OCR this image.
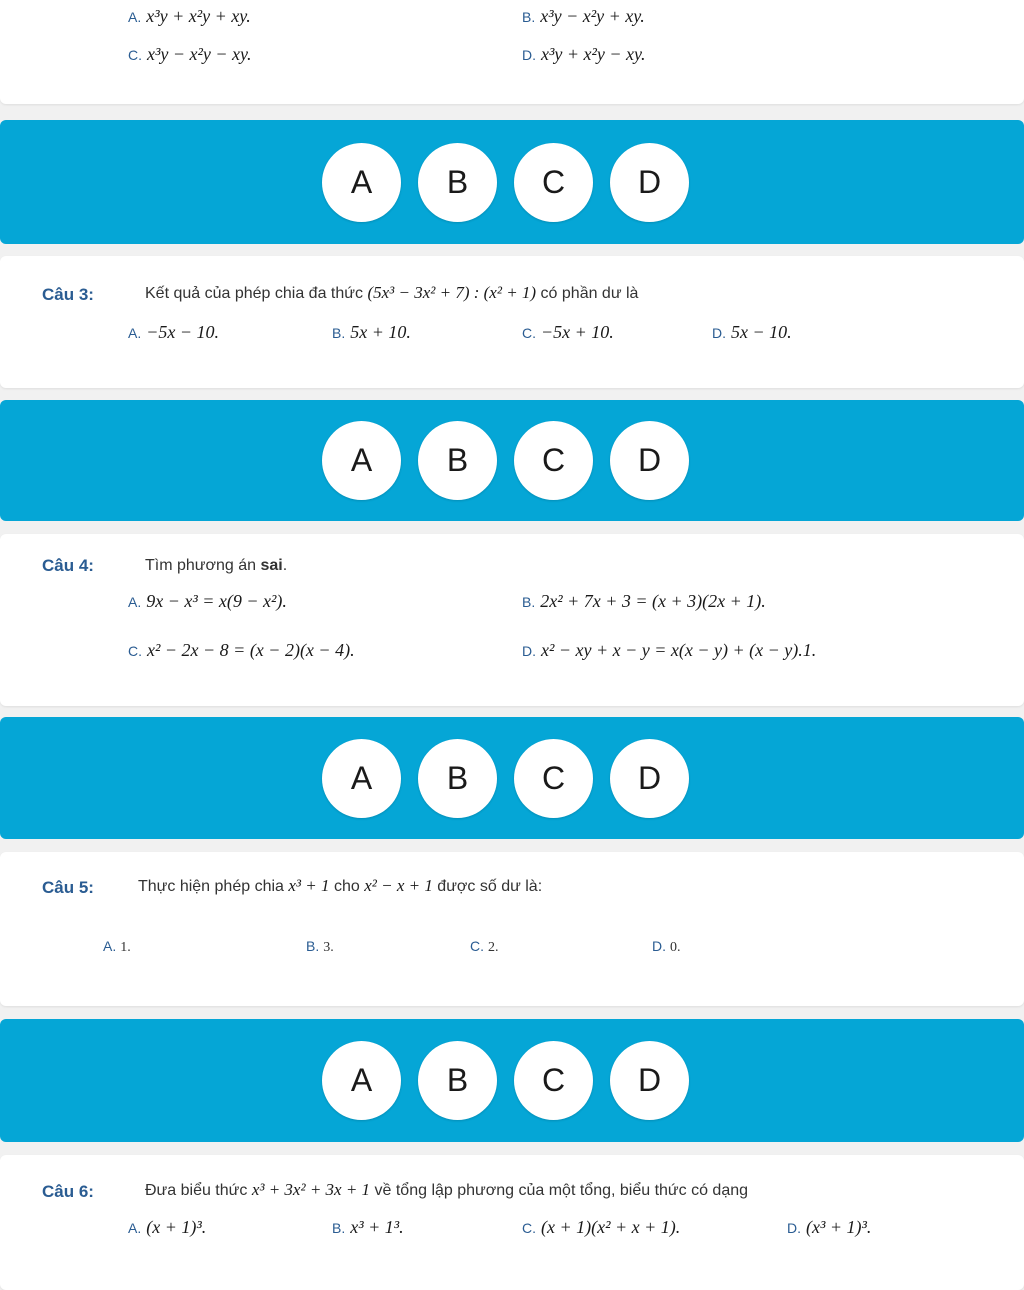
A. x³y + x²y + xy.	B. x³y − x²y + xy.
C. x³y − x²y − xy.	D. x³y + x²y − xy.
A	B	C	D
Câu 3:	Kết quả của phép chia đa thức (5x³ − 3x² + 7) : (x² + 1) có phần dư là
A. −5x − 10.	B. 5x + 10.	C. −5x + 10.	D. 5x − 10.
A	B	C	D
Câu 4:	Tìm phương án sai.
A. 9x − x³ = x(9 − x²).	B. 2x² + 7x + 3 = (x + 3)(2x + 1).
C. x² − 2x − 8 = (x − 2)(x − 4).	D. x² − xy + x − y = x(x − y) + (x − y).1.
A	B	C	D
Câu 5:	Thực hiện phép chia x³ + 1 cho x² − x + 1 được số dư là:
A. 1.	B. 3.	C. 2.	D. 0.
A	B	C	D
Câu 6:	Đưa biểu thức x³ + 3x² + 3x + 1 về tổng lập phương của một tổng, biểu thức có dạng
A. (x + 1)³.	B. x³ + 1³.	C. (x + 1)(x² + x + 1).	D. (x³ + 1)³.
